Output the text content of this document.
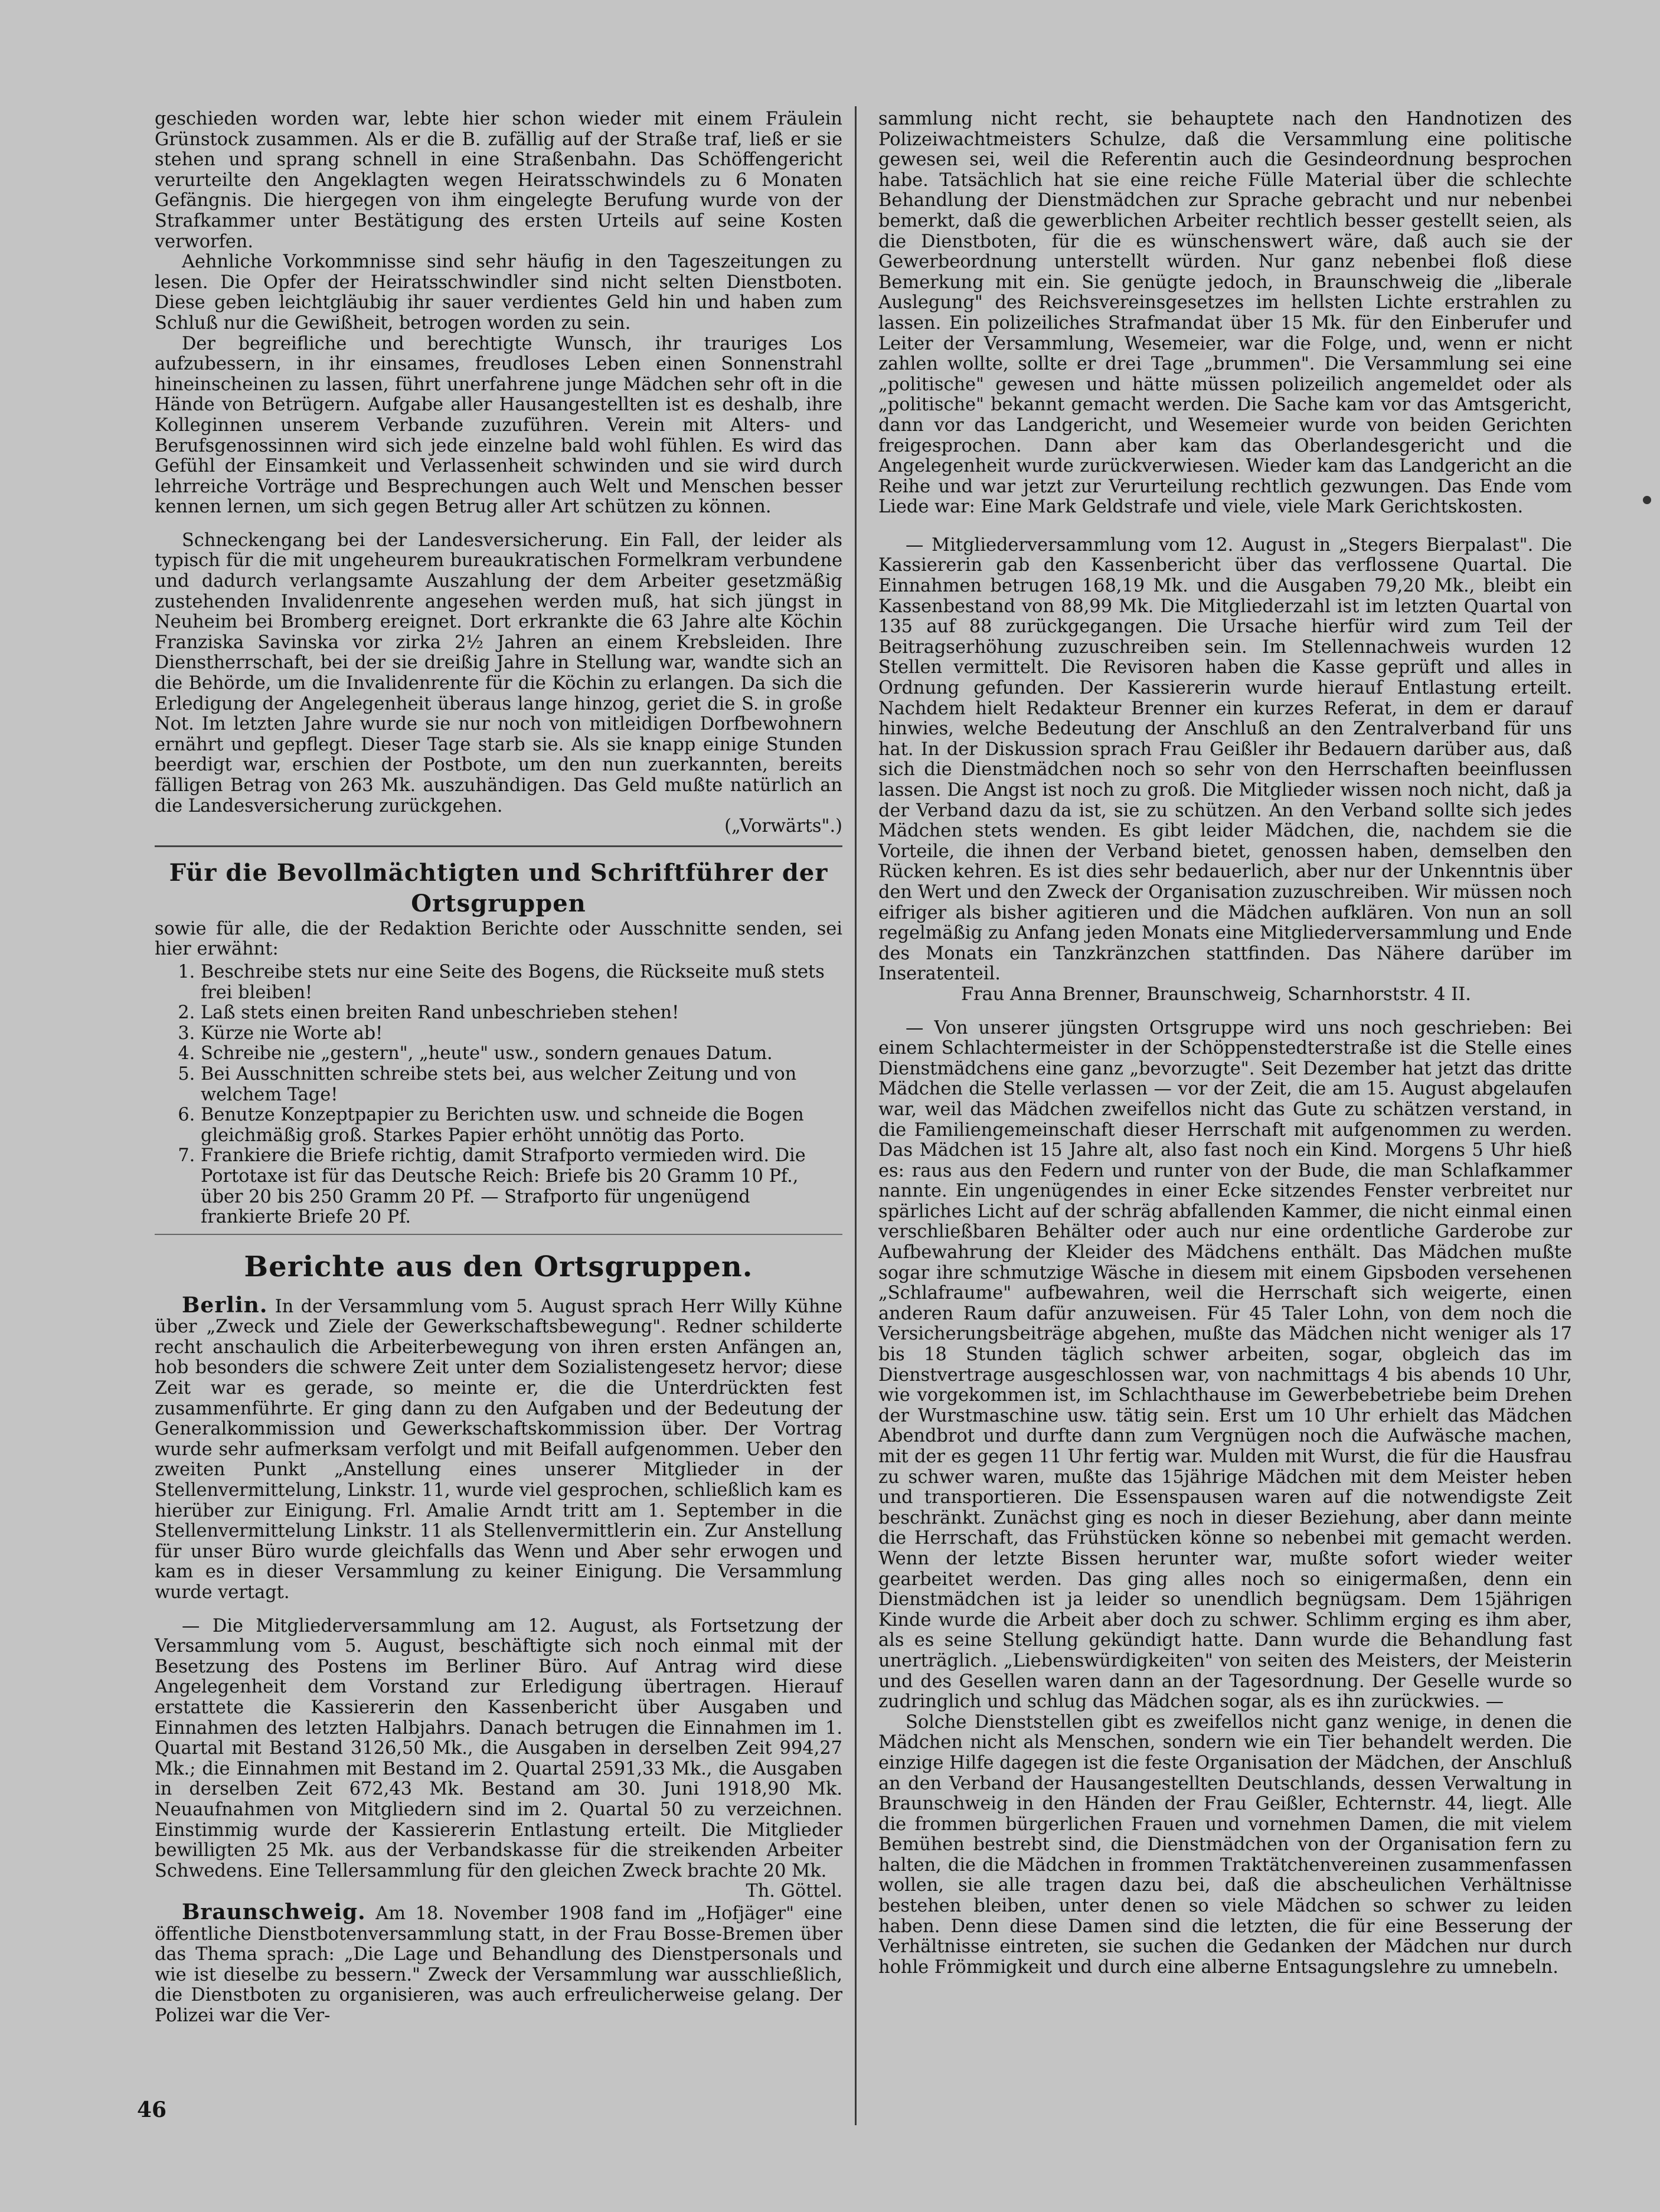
geschieden worden war, lebte hier schon wieder mit einem Fräulein Grünstock zusammen. Als er die B. zufällig auf der Straße traf, ließ er sie stehen und sprang schnell in eine Straßenbahn. Das Schöffengericht verurteilte den Angeklagten wegen Heiratsschwindels zu 6 Monaten Gefängnis. Die hiergegen von ihm eingelegte Berufung wurde von der Strafkammer unter Bestätigung des ersten Urteils auf seine Kosten verworfen.

Aehnliche Vorkommnisse sind sehr häufig in den Tageszeitungen zu lesen. Die Opfer der Heiratsschwindler sind nicht selten Dienstboten. Diese geben leichtgläubig ihr sauer verdientes Geld hin und haben zum Schluß nur die Gewißheit, betrogen worden zu sein.

Der begreifliche und berechtigte Wunsch, ihr trauriges Los aufzubessern, in ihr einsames, freudloses Leben einen Sonnenstrahl hineinscheinen zu lassen, führt unerfahrene junge Mädchen sehr oft in die Hände von Betrügern. Aufgabe aller Hausangestellten ist es deshalb, ihre Kolleginnen unserem Verbande zuzuführen. Verein mit Alters- und Berufsgenossinnen wird sich jede einzelne bald wohl fühlen. Es wird das Gefühl der Einsamkeit und Verlassenheit schwinden und sie wird durch lehrreiche Vorträge und Besprechungen auch Welt und Menschen besser kennen lernen, um sich gegen Betrug aller Art schützen zu können.

Schneckengang bei der Landesversicherung. Ein Fall, der leider als typisch für die mit ungeheurem bureaukratischen Formelkram verbundene und dadurch verlangsamte Auszahlung der dem Arbeiter gesetzmäßig zustehenden Invalidenrente angesehen werden muß, hat sich jüngst in Neuheim bei Bromberg ereignet. Dort erkrankte die 63 Jahre alte Köchin Franziska Savinska vor zirka 2½ Jahren an einem Krebsleiden. Ihre Dienstherrschaft, bei der sie dreißig Jahre in Stellung war, wandte sich an die Behörde, um die Invalidenrente für die Köchin zu erlangen. Da sich die Erledigung der Angelegenheit überaus lange hinzog, geriet die S. in große Not. Im letzten Jahre wurde sie nur noch von mitleidigen Dorfbewohnern ernährt und gepflegt. Dieser Tage starb sie. Als sie knapp einige Stunden beerdigt war, erschien der Postbote, um den nun zuerkannten, bereits fälligen Betrag von 263 Mk. auszuhändigen. Das Geld mußte natürlich an die Landesversicherung zurückgehen.

(„Vorwärts".)
Für die Bevollmächtigten und Schriftführer der Ortsgruppen

sowie für alle, die der Redaktion Berichte oder Ausschnitte senden, sei hier erwähnt:

1. Beschreibe stets nur eine Seite des Bogens, die Rückseite muß stets frei bleiben!
2. Laß stets einen breiten Rand unbeschrieben stehen!
3. Kürze nie Worte ab!
4. Schreibe nie „gestern", „heute" usw., sondern genaues Datum.
5. Bei Ausschnitten schreibe stets bei, aus welcher Zeitung und von welchem Tage!
6. Benutze Konzeptpapier zu Berichten usw. und schneide die Bogen gleichmäßig groß. Starkes Papier erhöht unnötig das Porto.
7. Frankiere die Briefe richtig, damit Strafporto vermieden wird. Die Portotaxe ist für das Deutsche Reich: Briefe bis 20 Gramm 10 Pf., über 20 bis 250 Gramm 20 Pf. — Strafporto für ungenügend frankierte Briefe 20 Pf.
Berichte aus den Ortsgruppen.

Berlin. In der Versammlung vom 5. August sprach Herr Willy Kühne über „Zweck und Ziele der Gewerkschaftsbewegung". Redner schilderte recht anschaulich die Arbeiterbewegung von ihren ersten Anfängen an, hob besonders die schwere Zeit unter dem Sozialistengesetz hervor; diese Zeit war es gerade, so meinte er, die die Unterdrückten fest zusammenführte. Er ging dann zu den Aufgaben und der Bedeutung der Generalkommission und Gewerkschaftskommission über. Der Vortrag wurde sehr aufmerksam verfolgt und mit Beifall aufgenommen. Ueber den zweiten Punkt „Anstellung eines unserer Mitglieder in der Stellenvermittelung, Linkstr. 11, wurde viel gesprochen, schließlich kam es hierüber zur Einigung. Frl. Amalie Arndt tritt am 1. September in die Stellenvermittelung Linkstr. 11 als Stellenvermittlerin ein. Zur Anstellung für unser Büro wurde gleichfalls das Wenn und Aber sehr erwogen und kam es in dieser Versammlung zu keiner Einigung. Die Versammlung wurde vertagt.

— Die Mitgliederversammlung am 12. August, als Fortsetzung der Versammlung vom 5. August, beschäftigte sich noch einmal mit der Besetzung des Postens im Berliner Büro. Auf Antrag wird diese Angelegenheit dem Vorstand zur Erledigung übertragen. Hierauf erstattete die Kassiererin den Kassenbericht über Ausgaben und Einnahmen des letzten Halbjahrs. Danach betrugen die Einnahmen im 1. Quartal mit Bestand 3126,50 Mk., die Ausgaben in derselben Zeit 994,27 Mk.; die Einnahmen mit Bestand im 2. Quartal 2591,33 Mk., die Ausgaben in derselben Zeit 672,43 Mk. Bestand am 30. Juni 1918,90 Mk. Neuaufnahmen von Mitgliedern sind im 2. Quartal 50 zu verzeichnen. Einstimmig wurde der Kassiererin Entlastung erteilt. Die Mitglieder bewilligten 25 Mk. aus der Verbandskasse für die streikenden Arbeiter Schwedens. Eine Tellersammlung für den gleichen Zweck brachte 20 Mk.

Th. Göttel.

Braunschweig. Am 18. November 1908 fand im „Hofjäger" eine öffentliche Dienstbotenversammlung statt, in der Frau Bosse-Bremen über das Thema sprach: „Die Lage und Behandlung des Dienstpersonals und wie ist dieselbe zu bessern." Zweck der Versammlung war ausschließlich, die Dienstboten zu organisieren, was auch erfreulicherweise gelang. Der Polizei war die Ver-

sammlung nicht recht, sie behauptete nach den Handnotizen des Polizeiwachtmeisters Schulze, daß die Versammlung eine politische gewesen sei, weil die Referentin auch die Gesindeordnung besprochen habe. Tatsächlich hat sie eine reiche Fülle Material über die schlechte Behandlung der Dienstmädchen zur Sprache gebracht und nur nebenbei bemerkt, daß die gewerblichen Arbeiter rechtlich besser gestellt seien, als die Dienstboten, für die es wünschenswert wäre, daß auch sie der Gewerbeordnung unterstellt würden. Nur ganz nebenbei floß diese Bemerkung mit ein. Sie genügte jedoch, in Braunschweig die „liberale Auslegung" des Reichsvereinsgesetzes im hellsten Lichte erstrahlen zu lassen. Ein polizeiliches Strafmandat über 15 Mk. für den Einberufer und Leiter der Versammlung, Wesemeier, war die Folge, und, wenn er nicht zahlen wollte, sollte er drei Tage „brummen". Die Versammlung sei eine „politische" gewesen und hätte müssen polizeilich angemeldet oder als „politische" bekannt gemacht werden. Die Sache kam vor das Amtsgericht, dann vor das Landgericht, und Wesemeier wurde von beiden Gerichten freigesprochen. Dann aber kam das Oberlandesgericht und die Angelegenheit wurde zurückverwiesen. Wieder kam das Landgericht an die Reihe und war jetzt zur Verurteilung rechtlich gezwungen. Das Ende vom Liede war: Eine Mark Geldstrafe und viele, viele Mark Gerichtskosten.

— Mitgliederversammlung vom 12. August in „Stegers Bierpalast". Die Kassiererin gab den Kassenbericht über das verflossene Quartal. Die Einnahmen betrugen 168,19 Mk. und die Ausgaben 79,20 Mk., bleibt ein Kassenbestand von 88,99 Mk. Die Mitgliederzahl ist im letzten Quartal von 135 auf 88 zurückgegangen. Die Ursache hierfür wird zum Teil der Beitragserhöhung zuzuschreiben sein. Im Stellennachweis wurden 12 Stellen vermittelt. Die Revisoren haben die Kasse geprüft und alles in Ordnung gefunden. Der Kassiererin wurde hierauf Entlastung erteilt. Nachdem hielt Redakteur Brenner ein kurzes Referat, in dem er darauf hinwies, welche Bedeutung der Anschluß an den Zentralverband für uns hat. In der Diskussion sprach Frau Geißler ihr Bedauern darüber aus, daß sich die Dienstmädchen noch so sehr von den Herrschaften beeinflussen lassen. Die Angst ist noch zu groß. Die Mitglieder wissen noch nicht, daß ja der Verband dazu da ist, sie zu schützen. An den Verband sollte sich jedes Mädchen stets wenden. Es gibt leider Mädchen, die, nachdem sie die Vorteile, die ihnen der Verband bietet, genossen haben, demselben den Rücken kehren. Es ist dies sehr bedauerlich, aber nur der Unkenntnis über den Wert und den Zweck der Organisation zuzuschreiben. Wir müssen noch eifriger als bisher agitieren und die Mädchen aufklären. Von nun an soll regelmäßig zu Anfang jeden Monats eine Mitgliederversammlung und Ende des Monats ein Tanzkränzchen stattfinden. Das Nähere darüber im Inseratenteil.

Frau Anna Brenner, Braunschweig, Scharnhorststr. 4 II.

— Von unserer jüngsten Ortsgruppe wird uns noch geschrieben: Bei einem Schlachtermeister in der Schöppenstedterstraße ist die Stelle eines Dienstmädchens eine ganz „bevorzugte". Seit Dezember hat jetzt das dritte Mädchen die Stelle verlassen — vor der Zeit, die am 15. August abgelaufen war, weil das Mädchen zweifellos nicht das Gute zu schätzen verstand, in die Familiengemeinschaft dieser Herrschaft mit aufgenommen zu werden. Das Mädchen ist 15 Jahre alt, also fast noch ein Kind. Morgens 5 Uhr hieß es: raus aus den Federn und runter von der Bude, die man Schlafkammer nannte. Ein ungenügendes in einer Ecke sitzendes Fenster verbreitet nur spärliches Licht auf der schräg abfallenden Kammer, die nicht einmal einen verschließbaren Behälter oder auch nur eine ordentliche Garderobe zur Aufbewahrung der Kleider des Mädchens enthält. Das Mädchen mußte sogar ihre schmutzige Wäsche in diesem mit einem Gipsboden versehenen „Schlafraume" aufbewahren, weil die Herrschaft sich weigerte, einen anderen Raum dafür anzuweisen. Für 45 Taler Lohn, von dem noch die Versicherungsbeiträge abgehen, mußte das Mädchen nicht weniger als 17 bis 18 Stunden täglich schwer arbeiten, sogar, obgleich das im Dienstvertrage ausgeschlossen war, von nachmittags 4 bis abends 10 Uhr, wie vorgekommen ist, im Schlachthause im Gewerbebetriebe beim Drehen der Wurstmaschine usw. tätig sein. Erst um 10 Uhr erhielt das Mädchen Abendbrot und durfte dann zum Vergnügen noch die Aufwäsche machen, mit der es gegen 11 Uhr fertig war. Mulden mit Wurst, die für die Hausfrau zu schwer waren, mußte das 15jährige Mädchen mit dem Meister heben und transportieren. Die Essenspausen waren auf die notwendigste Zeit beschränkt. Zunächst ging es noch in dieser Beziehung, aber dann meinte die Herrschaft, das Frühstücken könne so nebenbei mit gemacht werden. Wenn der letzte Bissen herunter war, mußte sofort wieder weiter gearbeitet werden. Das ging alles noch so einigermaßen, denn ein Dienstmädchen ist ja leider so unendlich begnügsam. Dem 15jährigen Kinde wurde die Arbeit aber doch zu schwer. Schlimm erging es ihm aber, als es seine Stellung gekündigt hatte. Dann wurde die Behandlung fast unerträglich. „Liebenswürdigkeiten" von seiten des Meisters, der Meisterin und des Gesellen waren dann an der Tagesordnung. Der Geselle wurde so zudringlich und schlug das Mädchen sogar, als es ihn zurückwies. —

Solche Dienststellen gibt es zweifellos nicht ganz wenige, in denen die Mädchen nicht als Menschen, sondern wie ein Tier behandelt werden. Die einzige Hilfe dagegen ist die feste Organisation der Mädchen, der Anschluß an den Verband der Hausangestellten Deutschlands, dessen Verwaltung in Braunschweig in den Händen der Frau Geißler, Echternstr. 44, liegt. Alle die frommen bürgerlichen Frauen und vornehmen Damen, die mit vielem Bemühen bestrebt sind, die Dienstmädchen von der Organisation fern zu halten, die die Mädchen in frommen Traktätchenvereinen zusammenfassen wollen, sie alle tragen dazu bei, daß die abscheulichen Verhältnisse bestehen bleiben, unter denen so viele Mädchen so schwer zu leiden haben. Denn diese Damen sind die letzten, die für eine Besserung der Verhältnisse eintreten, sie suchen die Gedanken der Mädchen nur durch hohle Frömmigkeit und durch eine alberne Entsagungslehre zu umnebeln.

46
